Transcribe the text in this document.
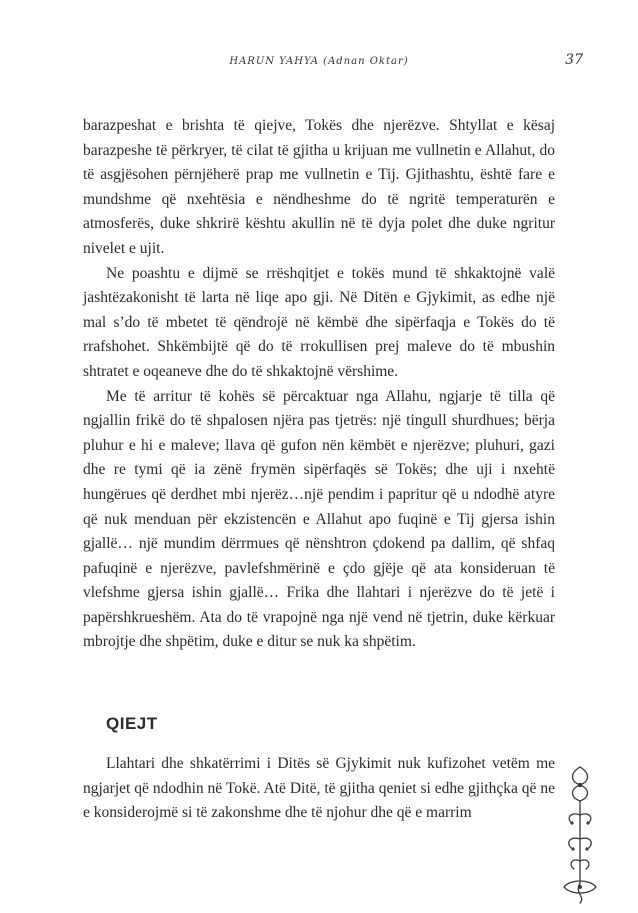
HARUN YAHYA (Adnan Oktar)	37

barazpeshat e brishta të qiejve, Tokës dhe njerëzve. Shtyllat e kësaj barazpeshe të përkryer, të cilat të gjitha u krijuan me vullnetin e Allahut, do të asgjësohen përnjëherë prap me vullnetin e Tij. Gjithashtu, është fare e mundshme që nxehtësia e nëndheshme do të ngritë temperaturën e atmosferës, duke shkrirë kështu akullin në të dyja polet dhe duke ngritur nivelet e ujit.

Ne poashtu e dijmë se rrëshqitjet e tokës mund të shkaktojnë valë jashtëzakonisht të larta në liqe apo gji. Në Ditën e Gjykimit, as edhe një mal s’do të mbetet të qëndrojë në këmbë dhe sipërfaqja e Tokës do të rrafshohet. Shkëmbijtë që do të rrokullisen prej maleve do të mbushin shtratet e oqeaneve dhe do të shkaktojnë vërshime.

Me të arritur të kohës së përcaktuar nga Allahu, ngjarje të tilla që ngjallin frikë do të shpalosen njëra pas tjetrës: një tingull shurdhues; bërja pluhur e hi e maleve; llava që gufon nën këmbët e njerëzve; pluhuri, gazi dhe re tymi që ia zënë frymën sipërfaqës së Tokës; dhe uji i nxehtë hungërues që derdhet mbi njerëz…një pendim i papritur që u ndodhë atyre që nuk menduan për ekzistencën e Allahut apo fuqinë e Tij gjersa ishin gjallë… një mundim dërrmues që nënshtron çdokend pa dallim, që shfaq pafuqinë e njerëzve, pavlefshmërinë e çdo gjëje që ata konsideruan të vlefshme gjersa ishin gjallë… Frika dhe llahtari i njerëzve do të jetë i papërshkrueshëm. Ata do të vrapojnë nga një vend në tjetrin, duke kërkuar mbrojtje dhe shpëtim, duke e ditur se nuk ka shpëtim.

QIEJT

Llahtari dhe shkatërrimi i Ditës së Gjykimit nuk kufizohet vetëm me ngjarjet që ndodhin në Tokë. Atë Ditë, të gjitha qeniet si edhe gjithçka që ne e konsiderojmë si të zakonshme dhe të njohur dhe që e marrim
